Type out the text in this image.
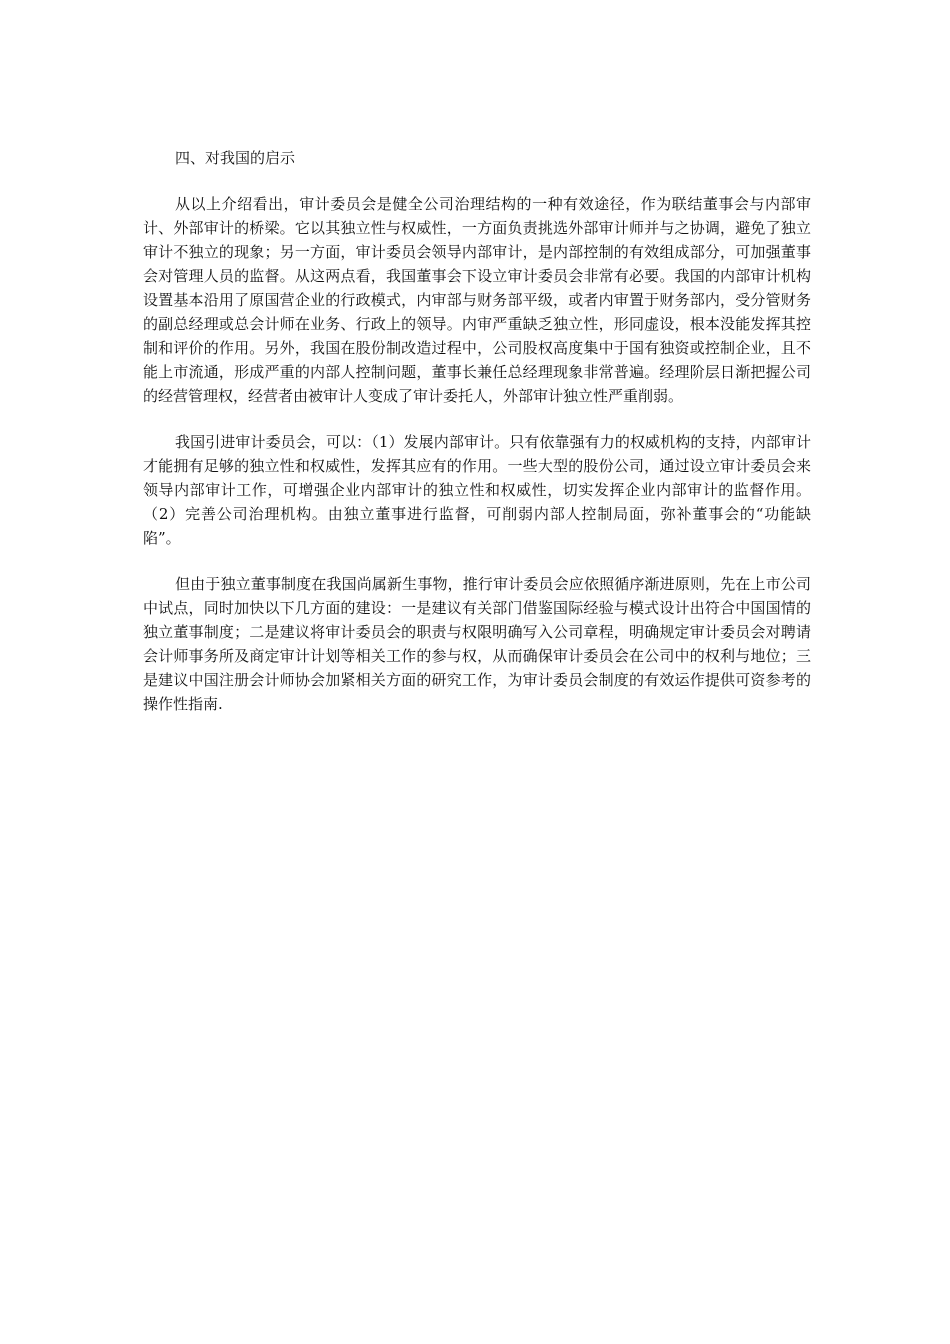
四、对我国的启示

从以上介绍看出，审计委员会是健全公司治理结构的一种有效途径，作为联结董事会与内部审计、外部审计的桥梁。它以其独立性与权威性，一方面负责挑选外部审计师并与之协调，避免了独立审计不独立的现象；另一方面，审计委员会领导内部审计，是内部控制的有效组成部分，可加强董事会对管理人员的监督。从这两点看，我国董事会下设立审计委员会非常有必要。我国的内部审计机构设置基本沿用了原国营企业的行政模式，内审部与财务部平级，或者内审置于财务部内，受分管财务的副总经理或总会计师在业务、行政上的领导。内审严重缺乏独立性，形同虚设，根本没能发挥其控制和评价的作用。另外，我国在股份制改造过程中，公司股权高度集中于国有独资或控制企业，且不能上市流通，形成严重的内部人控制问题，董事长兼任总经理现象非常普遍。经理阶层日渐把握公司的经营管理权，经营者由被审计人变成了审计委托人，外部审计独立性严重削弱。

我国引进审计委员会，可以：（1）发展内部审计。只有依靠强有力的权威机构的支持，内部审计才能拥有足够的独立性和权威性，发挥其应有的作用。一些大型的股份公司，通过设立审计委员会来领导内部审计工作，可增强企业内部审计的独立性和权威性，切实发挥企业内部审计的监督作用。（2）完善公司治理机构。由独立董事进行监督，可削弱内部人控制局面，弥补董事会的“功能缺陷”。

但由于独立董事制度在我国尚属新生事物，推行审计委员会应依照循序渐进原则，先在上市公司中试点，同时加快以下几方面的建设：一是建议有关部门借鉴国际经验与模式设计出符合中国国情的独立董事制度；二是建议将审计委员会的职责与权限明确写入公司章程，明确规定审计委员会对聘请会计师事务所及商定审计计划等相关工作的参与权，从而确保审计委员会在公司中的权利与地位；三是建议中国注册会计师协会加紧相关方面的研究工作，为审计委员会制度的有效运作提供可资参考的操作性指南.
